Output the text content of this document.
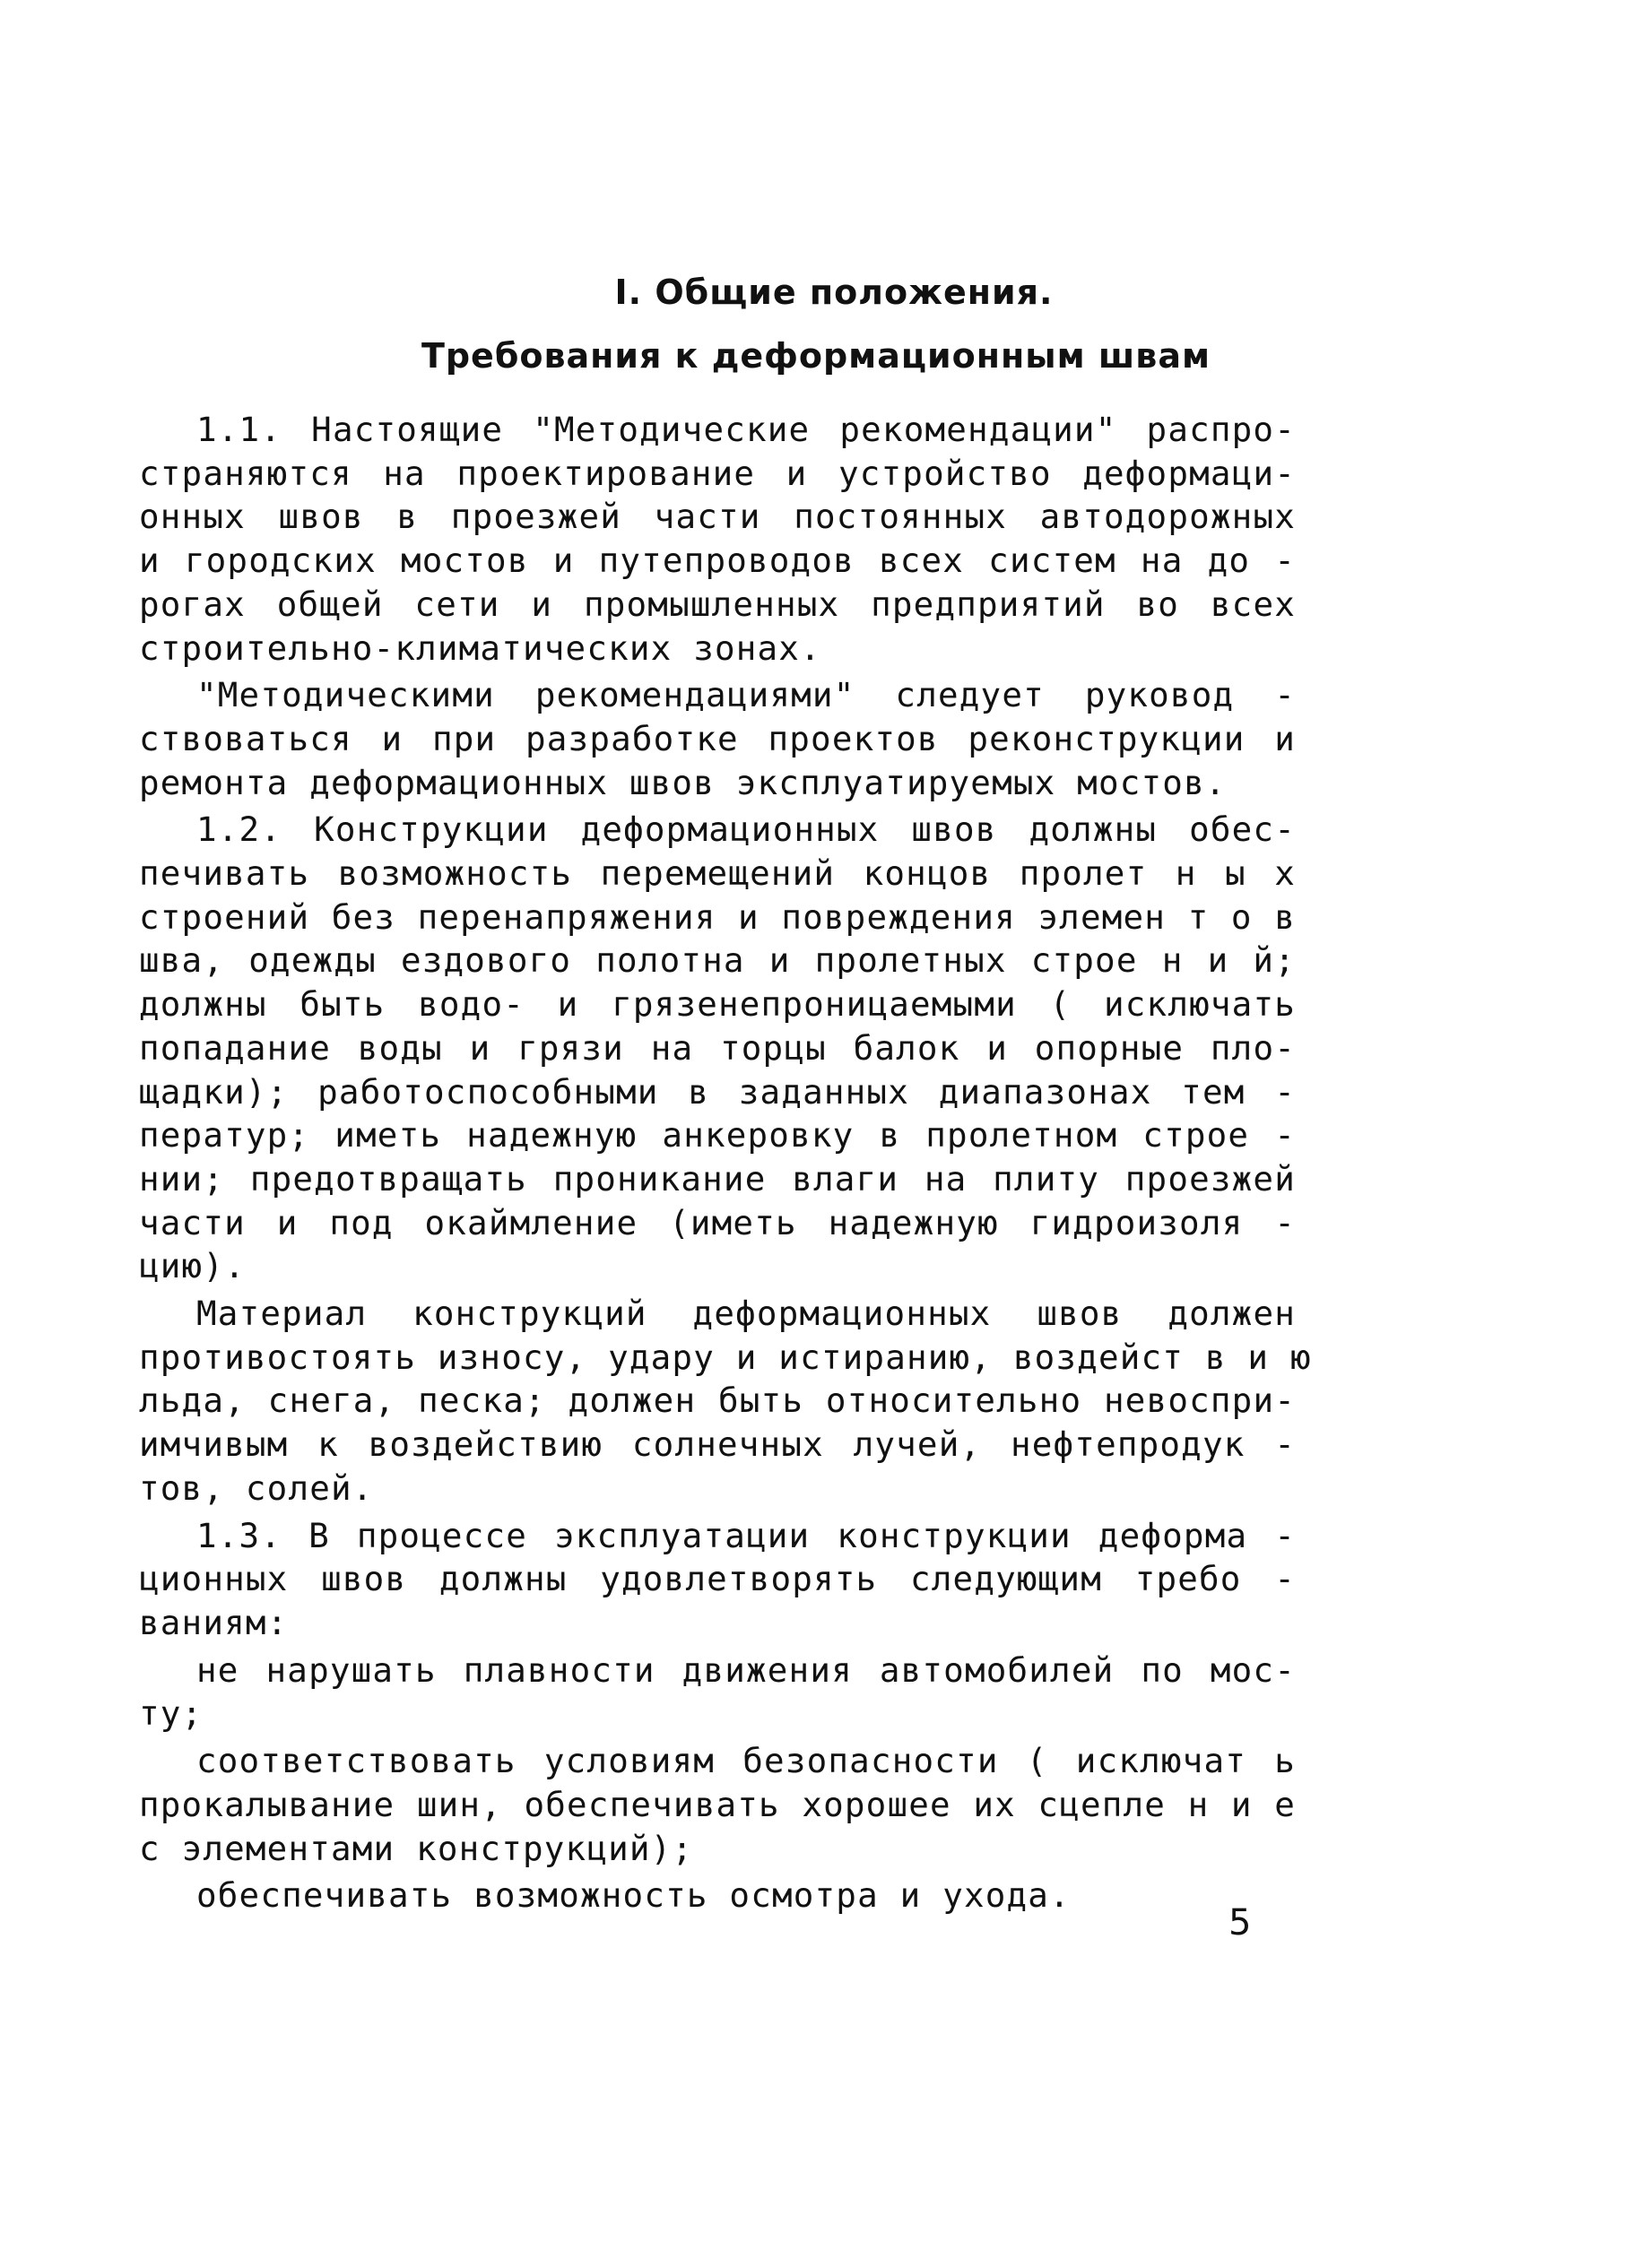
I. Общие положения.
Требования к деформационным швам
1.1. Настоящие "Методические рекомендации" распро-
страняются на проектирование и устройство деформаци-
онных швов в проезжей части постоянных автодорожных
и городских мостов и путепроводов всех систем на до -
рогах общей сети и промышленных предприятий во всех
строительно-климатических зонах.
"Методическими рекомендациями" следует руковод -
ствоваться и при разработке проектов реконструкции и
ремонта деформационных швов эксплуатируемых мостов.
1.2. Конструкции деформационных швов должны обес-
печивать возможность перемещений концов пролет н ы х
строений без перенапряжения и повреждения элемен т о в
шва, одежды ездового полотна и пролетных строе н и й;
должны быть водо- и грязенепроницаемыми ( исключать
попадание воды и грязи на торцы балок и опорные пло-
щадки); работоспособными в заданных диапазонах тем -
ператур; иметь надежную анкеровку в пролетном строе -
нии; предотвращать проникание влаги на плиту проезжей
части и под окаймление (иметь надежную гидроизоля -
цию).
Материал конструкций деформационных швов должен
противостоять износу, удару и истиранию, воздейст в и ю
льда, снега, песка; должен быть относительно невоспри-
имчивым к воздействию солнечных лучей, нефтепродук -
тов, солей.
1.3. В процессе эксплуатации конструкции деформа -
ционных швов должны удовлетворять следующим требо -
ваниям:
не нарушать плавности движения автомобилей по мос-
ту;
соответствовать условиям безопасности ( исключат ь
прокалывание шин, обеспечивать хорошее их сцепле н и е
с элементами конструкций);
обеспечивать возможность осмотра и ухода.
5
